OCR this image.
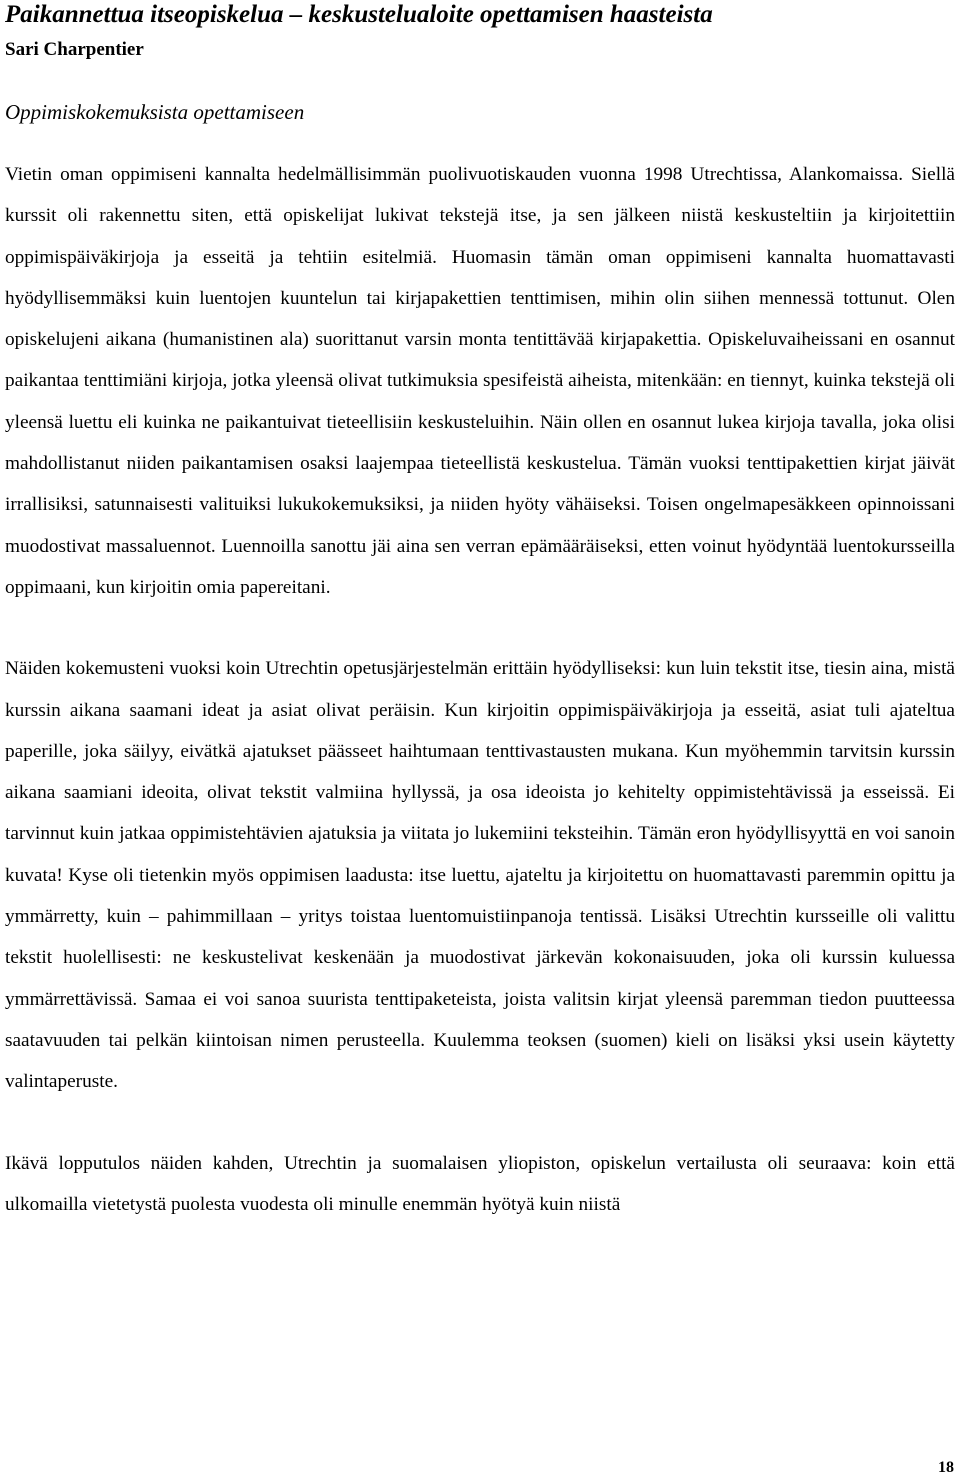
Paikannettua itseopiskelua – keskustelualoite opettamisen haasteista
Sari Charpentier
Oppimiskokemuksista opettamiseen

Vietin oman oppimiseni kannalta hedelmällisimmän puolivuotiskauden vuonna 1998 Utrechtissa, Alankomaissa. Siellä kurssit oli rakennettu siten, että opiskelijat lukivat tekstejä itse, ja sen jälkeen niistä keskusteltiin ja kirjoitettiin oppimispäiväkirjoja ja esseitä ja tehtiin esitelmiä. Huomasin tämän oman oppimiseni kannalta huomattavasti hyödyllisemmäksi kuin luentojen kuuntelun tai kirjapakettien tenttimisen, mihin olin siihen mennessä tottunut. Olen opiskelujeni aikana (humanistinen ala) suorittanut varsin monta tentittävää kirjapakettia. Opiskeluvaiheissani en osannut paikantaa tenttimiäni kirjoja, jotka yleensä olivat tutkimuksia spesifeistä aiheista, mitenkään: en tiennyt, kuinka tekstejä oli yleensä luettu eli kuinka ne paikantuivat tieteellisiin keskusteluihin. Näin ollen en osannut lukea kirjoja tavalla, joka olisi mahdollistanut niiden paikantamisen osaksi laajempaa tieteellistä keskustelua. Tämän vuoksi tenttipakettien kirjat jäivät irrallisiksi, satunnaisesti valituiksi lukukokemuksiksi, ja niiden hyöty vähäiseksi. Toisen ongelmapesäkkeen opinnoissani muodostivat massaluennot. Luennoilla sanottu jäi aina sen verran epämääräiseksi, etten voinut hyödyntää luentokursseilla oppimaani, kun kirjoitin omia papereitani.

Näiden kokemusteni vuoksi koin Utrechtin opetusjärjestelmän erittäin hyödylliseksi: kun luin tekstit itse, tiesin aina, mistä kurssin aikana saamani ideat ja asiat olivat peräisin. Kun kirjoitin oppimispäiväkirjoja ja esseitä, asiat tuli ajateltua paperille, joka säilyy, eivätkä ajatukset päässeet haihtumaan tenttivastausten mukana. Kun myöhemmin tarvitsin kurssin aikana saamiani ideoita, olivat tekstit valmiina hyllyssä, ja osa ideoista jo kehitelty oppimistehtävissä ja esseissä. Ei tarvinnut kuin jatkaa oppimistehtävien ajatuksia ja viitata jo lukemiini teksteihin. Tämän eron hyödyllisyyttä en voi sanoin kuvata! Kyse oli tietenkin myös oppimisen laadusta: itse luettu, ajateltu ja kirjoitettu on huomattavasti paremmin opittu ja ymmärretty, kuin – pahimmillaan – yritys toistaa luentomuistiinpanoja tentissä. Lisäksi Utrechtin kursseille oli valittu tekstit huolellisesti: ne keskustelivat keskenään ja muodostivat järkevän kokonaisuuden, joka oli kurssin kuluessa ymmärrettävissä. Samaa ei voi sanoa suurista tenttipaketeista, joista valitsin kirjat yleensä paremman tiedon puutteessa saatavuuden tai pelkän kiintoisan nimen perusteella. Kuulemma teoksen (suomen) kieli on lisäksi yksi usein käytetty valintaperuste.

Ikävä lopputulos näiden kahden, Utrechtin ja suomalaisen yliopiston, opiskelun vertailusta oli seuraava: koin että ulkomailla vietetystä puolesta vuodesta oli minulle enemmän hyötyä kuin niistä

18
